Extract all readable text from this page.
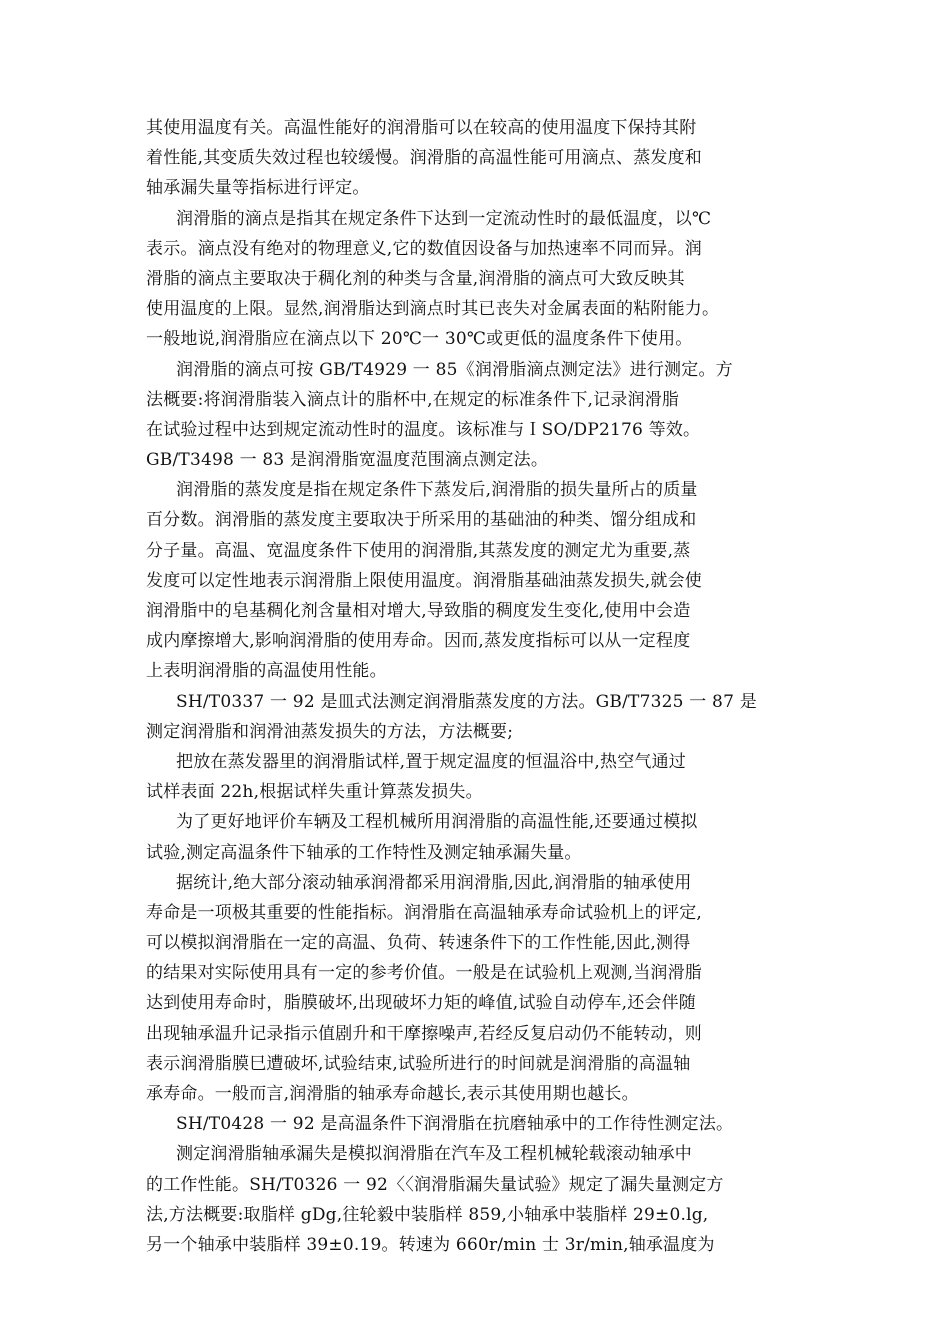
其使用温度有关。高温性能好的润滑脂可以在较高的使用温度下保持其附
着性能,其变质失效过程也较缓慢。润滑脂的高温性能可用滴点、蒸发度和
轴承漏失量等指标进行评定。
润滑脂的滴点是指其在规定条件下达到一定流动性时的最低温度，以℃
表示。滴点没有绝对的物理意义,它的数值因设备与加热速率不同而异。润
滑脂的滴点主要取决于稠化剂的种类与含量,润滑脂的滴点可大致反映其
使用温度的上限。显然,润滑脂达到滴点时其已丧失对金属表面的粘附能力。
一般地说,润滑脂应在滴点以下 20℃一 30℃或更低的温度条件下使用。
润滑脂的滴点可按 GB/T4929 一 85《润滑脂滴点测定法》进行测定。方
法概要:将润滑脂装入滴点计的脂杯中,在规定的标准条件下,记录润滑脂
在试验过程中达到规定流动性时的温度。该标准与ＩSO/DP2176 等效。
GB/T3498 一 83 是润滑脂宽温度范围滴点测定法。
润滑脂的蒸发度是指在规定条件下蒸发后,润滑脂的损失量所占的质量
百分数。润滑脂的蒸发度主要取决于所采用的基础油的种类、馏分组成和
分子量。高温、宽温度条件下使用的润滑脂,其蒸发度的测定尤为重要,蒸
发度可以定性地表示润滑脂上限使用温度。润滑脂基础油蒸发损失,就会使
润滑脂中的皂基稠化剂含量相对增大,导致脂的稠度发生变化,使用中会造
成内摩擦增大,影响润滑脂的使用寿命。因而,蒸发度指标可以从一定程度
上表明润滑脂的高温使用性能。
SH/T0337 一 92 是皿式法测定润滑脂蒸发度的方法。GB/T7325 一 87 是
测定润滑脂和润滑油蒸发损失的方法，方法概要;
把放在蒸发器里的润滑脂试样,置于规定温度的恒温浴中,热空气通过
试样表面 22h,根据试样失重计算蒸发损失。
为了更好地评价车辆及工程机械所用润滑脂的高温性能,还要通过模拟
试验,测定高温条件下轴承的工作特性及测定轴承漏失量。
据统计,绝大部分滚动轴承润滑都采用润滑脂,因此,润滑脂的轴承使用
寿命是一项极其重要的性能指标。润滑脂在高温轴承寿命试验机上的评定,
可以模拟润滑脂在一定的高温、负荷、转速条件下的工作性能,因此,测得
的结果对实际使用具有一定的参考价值。一般是在试验机上观测,当润滑脂
达到使用寿命时，脂膜破坏,出现破坏力矩的峰值,试验自动停车,还会伴随
出现轴承温升记录指示值剧升和干摩擦噪声,若经反复启动仍不能转动，则
表示润滑脂膜巳遭破坏,试验结束,试验所进行的时间就是润滑脂的高温轴
承寿命。一般而言,润滑脂的轴承寿命越长,表示其使用期也越长。
SH/T0428 一 92 是高温条件下润滑脂在抗磨轴承中的工作待性测定法。
测定润滑脂轴承漏失是模拟润滑脂在汽车及工程机械轮载滚动轴承中
的工作性能。SH/T0326 一 92〈〈润滑脂漏失量试验》规定了漏失量测定方
法,方法概要:取脂样 gDg,往轮毅中装脂样 859,小轴承中装脂样 29±0.lg,
另一个轴承中装脂样 39±0.19。转速为 660r/min 士 3r/min,轴承温度为
